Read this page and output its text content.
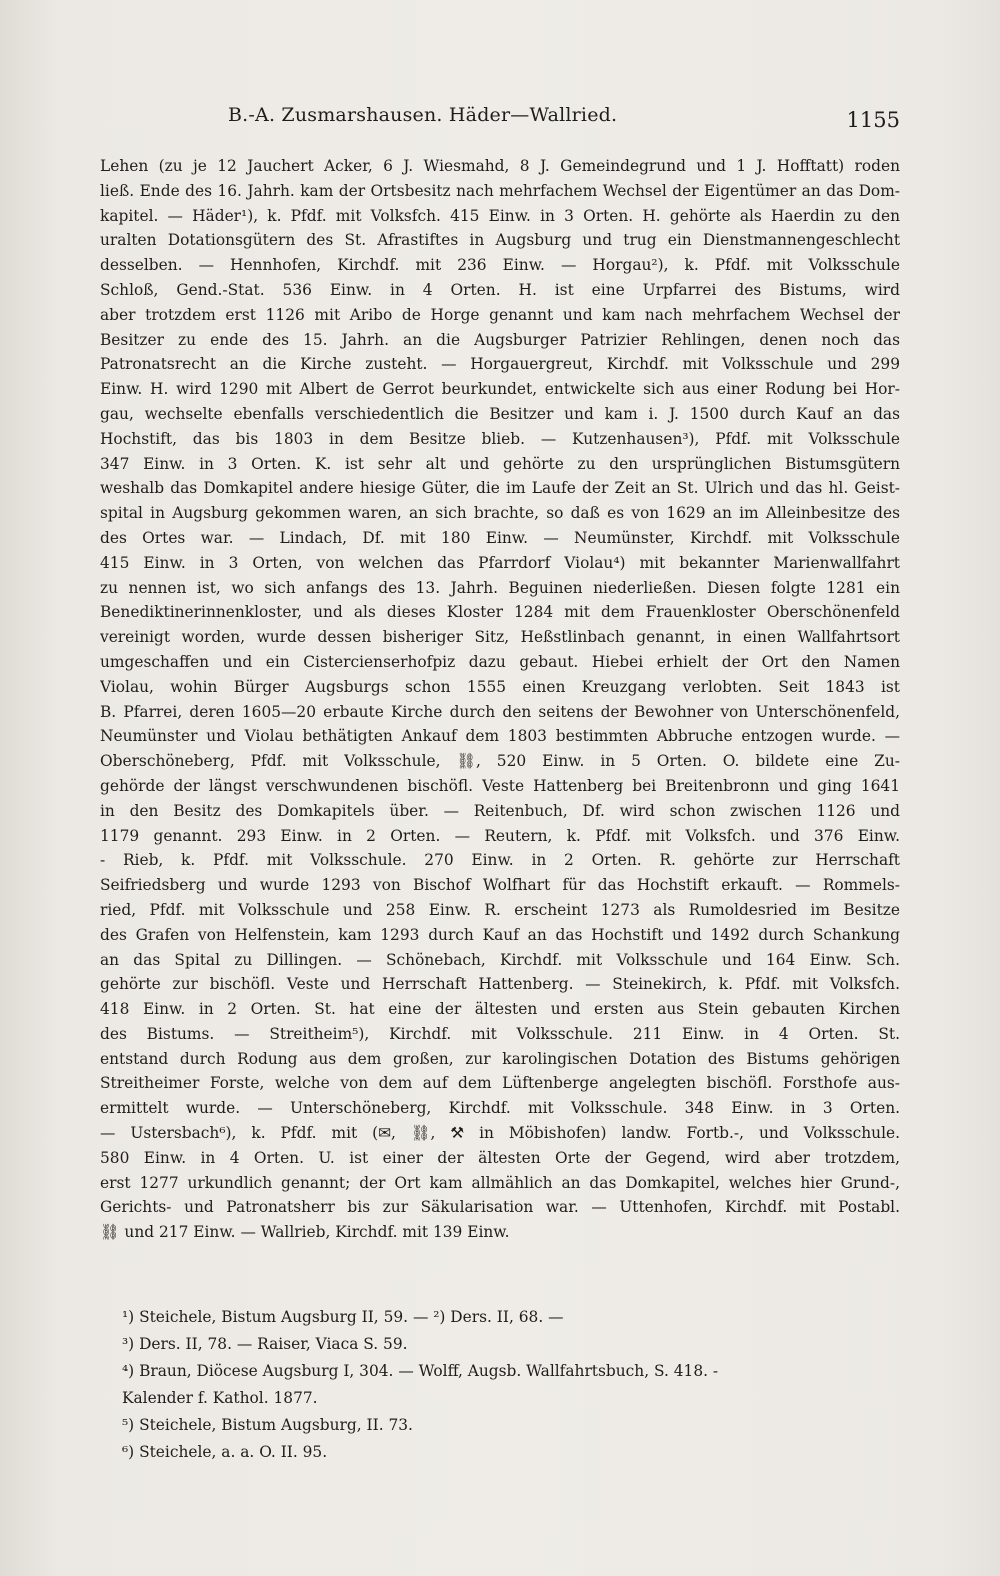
B.-A. Zusmarshausen. Häder—Wallried.	1155

Lehen (zu je 12 Jauchert Acker, 6 J. Wiesmahd, 8 J. Gemeindegrund und 1 J. Hofftatt) roden

ließ. Ende des 16. Jahrh. kam der Ortsbesitz nach mehrfachem Wechsel der Eigentümer an das Dom-

kapitel. — Häder¹), k. Pfdf. mit Volksfch. 415 Einw. in 3 Orten. H. gehörte als Haerdin zu den

uralten Dotationsgütern des St. Afrastiftes in Augsburg und trug ein Dienstmannengeschlecht

desselben. — Hennhofen, Kirchdf. mit 236 Einw. — Horgau²), k. Pfdf. mit Volksschule

Schloß, Gend.-Stat. 536 Einw. in 4 Orten. H. ist eine Urpfarrei des Bistums, wird

aber trotzdem erst 1126 mit Aribo de Horge genannt und kam nach mehrfachem Wechsel der

Besitzer zu ende des 15. Jahrh. an die Augsburger Patrizier Rehlingen, denen noch das

Patronatsrecht an die Kirche zusteht. — Horgauergreut, Kirchdf. mit Volksschule und 299

Einw. H. wird 1290 mit Albert de Gerrot beurkundet, entwickelte sich aus einer Rodung bei Hor-

gau, wechselte ebenfalls verschiedentlich die Besitzer und kam i. J. 1500 durch Kauf an das

Hochstift, das bis 1803 in dem Besitze blieb. — Kutzenhausen³), Pfdf. mit Volksschule

347 Einw. in 3 Orten. K. ist sehr alt und gehörte zu den ursprünglichen Bistumsgütern

weshalb das Domkapitel andere hiesige Güter, die im Laufe der Zeit an St. Ulrich und das hl. Geist-

spital in Augsburg gekommen waren, an sich brachte, so daß es von 1629 an im Alleinbesitze des

des Ortes war. — Lindach, Df. mit 180 Einw. — Neumünster, Kirchdf. mit Volksschule

415 Einw. in 3 Orten, von welchen das Pfarrdorf Violau⁴) mit bekannter Marienwallfahrt

zu nennen ist, wo sich anfangs des 13. Jahrh. Beguinen niederließen. Diesen folgte 1281 ein

Benediktinerinnenkloster, und als dieses Kloster 1284 mit dem Frauenkloster Oberschönenfeld

vereinigt worden, wurde dessen bisheriger Sitz, Heßstlinbach genannt, in einen Wallfahrtsort

umgeschaffen und ein Cistercienserhofpiz dazu gebaut. Hiebei erhielt der Ort den Namen

Violau, wohin Bürger Augsburgs schon 1555 einen Kreuzgang verlobten. Seit 1843 ist

B. Pfarrei, deren 1605—20 erbaute Kirche durch den seitens der Bewohner von Unterschönenfeld,

Neumünster und Violau bethätigten Ankauf dem 1803 bestimmten Abbruche entzogen wurde. —

Oberschöneberg, Pfdf. mit Volksschule, ⛓, 520 Einw. in 5 Orten. O. bildete eine Zu-

gehörde der längst verschwundenen bischöfl. Veste Hattenberg bei Breitenbronn und ging 1641

in den Besitz des Domkapitels über. — Reitenbuch, Df. wird schon zwischen 1126 und

1179 genannt. 293 Einw. in 2 Orten. — Reutern, k. Pfdf. mit Volksfch. und 376 Einw.

- Rieb, k. Pfdf. mit Volksschule. 270 Einw. in 2 Orten. R. gehörte zur Herrschaft

Seifriedsberg und wurde 1293 von Bischof Wolfhart für das Hochstift erkauft. — Rommels-

ried, Pfdf. mit Volksschule und 258 Einw. R. erscheint 1273 als Rumoldesried im Besitze

des Grafen von Helfenstein, kam 1293 durch Kauf an das Hochstift und 1492 durch Schankung

an das Spital zu Dillingen. — Schönebach, Kirchdf. mit Volksschule und 164 Einw. Sch.

gehörte zur bischöfl. Veste und Herrschaft Hattenberg. — Steinekirch, k. Pfdf. mit Volksfch.

418 Einw. in 2 Orten. St. hat eine der ältesten und ersten aus Stein gebauten Kirchen

des Bistums. — Streitheim⁵), Kirchdf. mit Volksschule. 211 Einw. in 4 Orten. St.

entstand durch Rodung aus dem großen, zur karolingischen Dotation des Bistums gehörigen

Streitheimer Forste, welche von dem auf dem Lüftenberge angelegten bischöfl. Forsthofe aus-

ermittelt wurde. — Unterschöneberg, Kirchdf. mit Volksschule. 348 Einw. in 3 Orten.

— Ustersbach⁶), k. Pfdf. mit (✉, ⛓, ⚒ in Möbishofen) landw. Fortb.-, und Volksschule.

580 Einw. in 4 Orten. U. ist einer der ältesten Orte der Gegend, wird aber trotzdem,

erst 1277 urkundlich genannt; der Ort kam allmählich an das Domkapitel, welches hier Grund-,

Gerichts- und Patronatsherr bis zur Säkularisation war. — Uttenhofen, Kirchdf. mit Postabl.

⛓ und 217 Einw. — Wallrieb, Kirchdf. mit 139 Einw.

¹) Steichele, Bistum Augsburg II, 59. — ²) Ders. II, 68. —

³) Ders. II, 78. — Raiser, Viaca S. 59.

⁴) Braun, Diöcese Augsburg I, 304. — Wolff, Augsb. Wallfahrtsbuch, S. 418. -

Kalender f. Kathol. 1877.

⁵) Steichele, Bistum Augsburg, II. 73.

⁶) Steichele, a. a. O. II. 95.
